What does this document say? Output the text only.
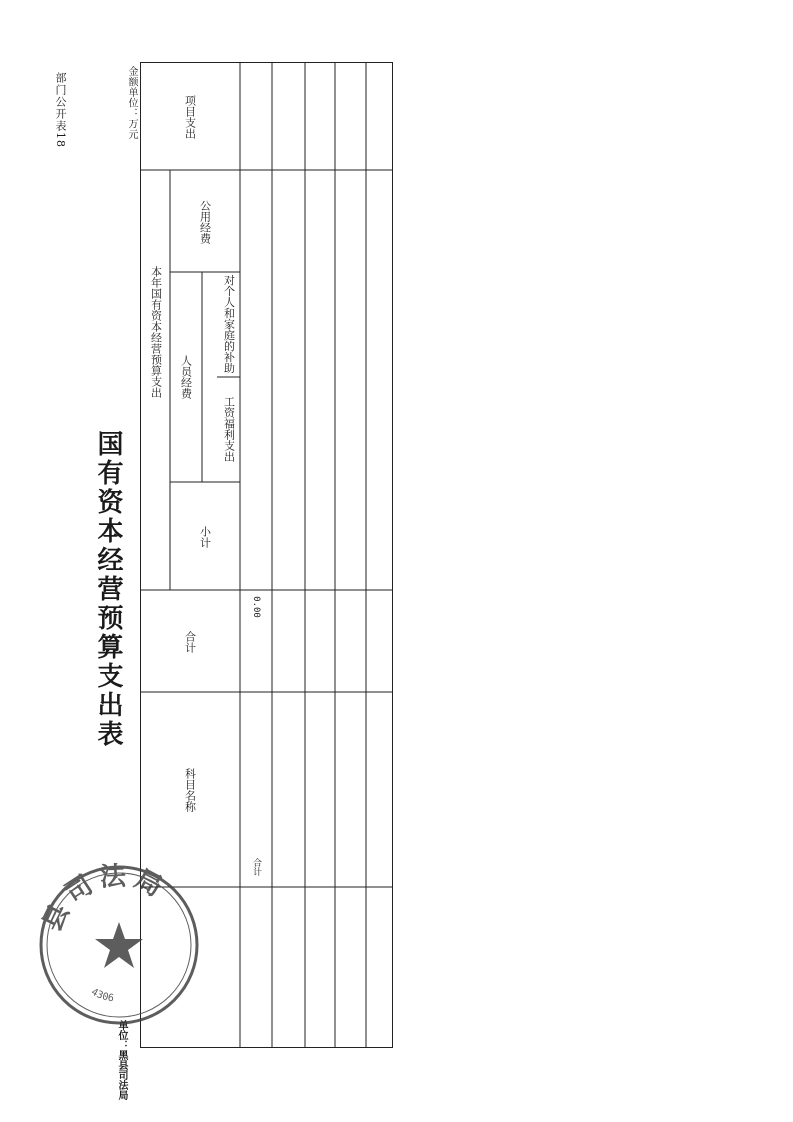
部门公开表18	金额单位：万元
国有资本经营预算支出表
单位：黑县司法局
本年国有资本经营预算支出
科目名称
合计
小计
人员经费
工资福利支出
对个人和家庭的补助
公用经费
项目支出
合计
0.00
县司法局
4306
